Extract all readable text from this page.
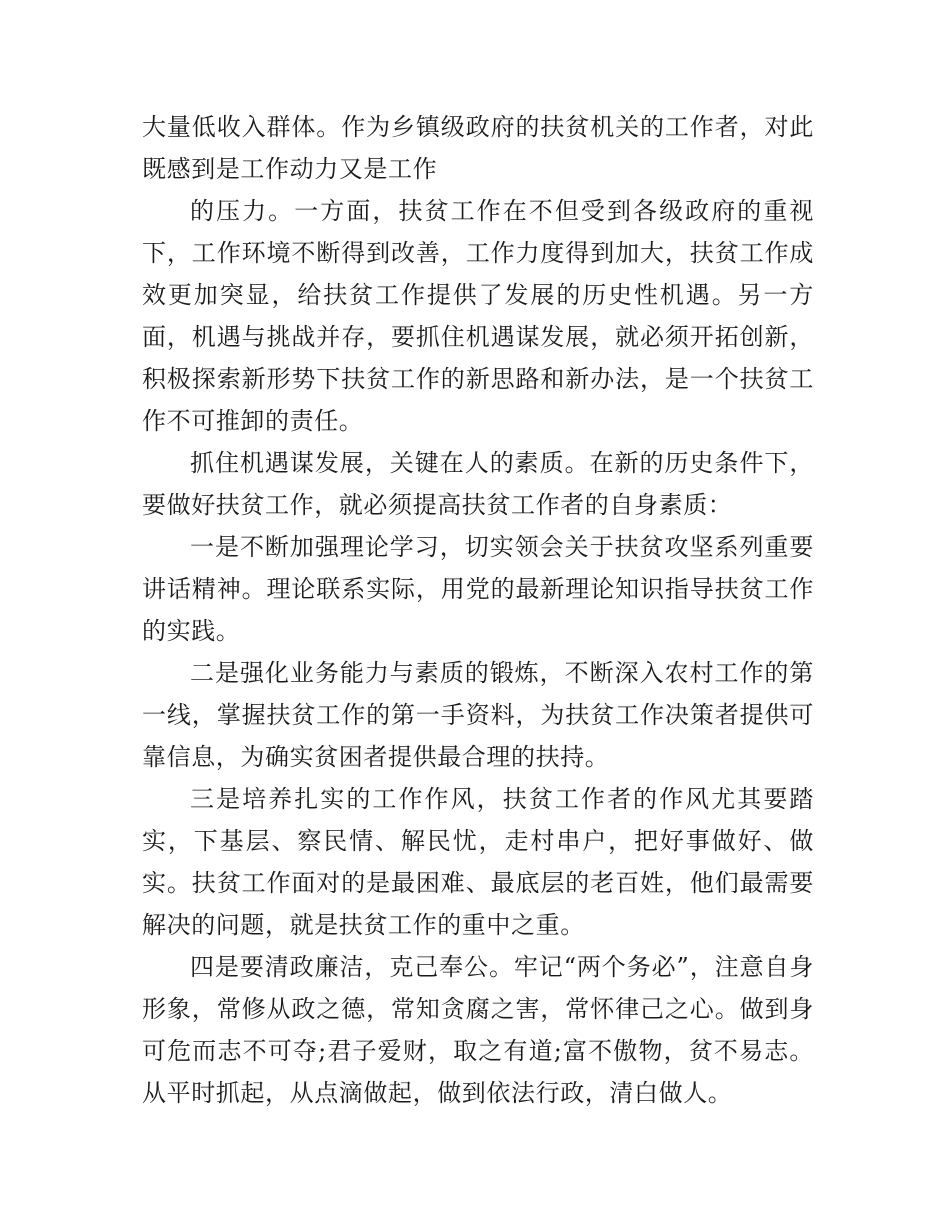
大量低收入群体。作为乡镇级政府的扶贫机关的工作者，对此既感到是工作动力又是工作

的压力。一方面，扶贫工作在不但受到各级政府的重视下，工作环境不断得到改善，工作力度得到加大，扶贫工作成效更加突显，给扶贫工作提供了发展的历史性机遇。另一方面，机遇与挑战并存，要抓住机遇谋发展，就必须开拓创新，积极探索新形势下扶贫工作的新思路和新办法，是一个扶贫工作不可推卸的责任。

抓住机遇谋发展，关键在人的素质。在新的历史条件下，要做好扶贫工作，就必须提高扶贫工作者的自身素质：

一是不断加强理论学习，切实领会关于扶贫攻坚系列重要讲话精神。理论联系实际，用党的最新理论知识指导扶贫工作的实践。

二是强化业务能力与素质的锻炼，不断深入农村工作的第一线，掌握扶贫工作的第一手资料，为扶贫工作决策者提供可靠信息，为确实贫困者提供最合理的扶持。

三是培养扎实的工作作风，扶贫工作者的作风尤其要踏实，下基层、察民情、解民忧，走村串户，把好事做好、做实。扶贫工作面对的是最困难、最底层的老百姓，他们最需要解决的问题，就是扶贫工作的重中之重。

四是要清政廉洁，克己奉公。牢记“两个务必”，注意自身形象，常修从政之德，常知贪腐之害，常怀律己之心。做到身可危而志不可夺;君子爱财，取之有道;富不傲物，贫不易志。从平时抓起，从点滴做起，做到依法行政，清白做人。
